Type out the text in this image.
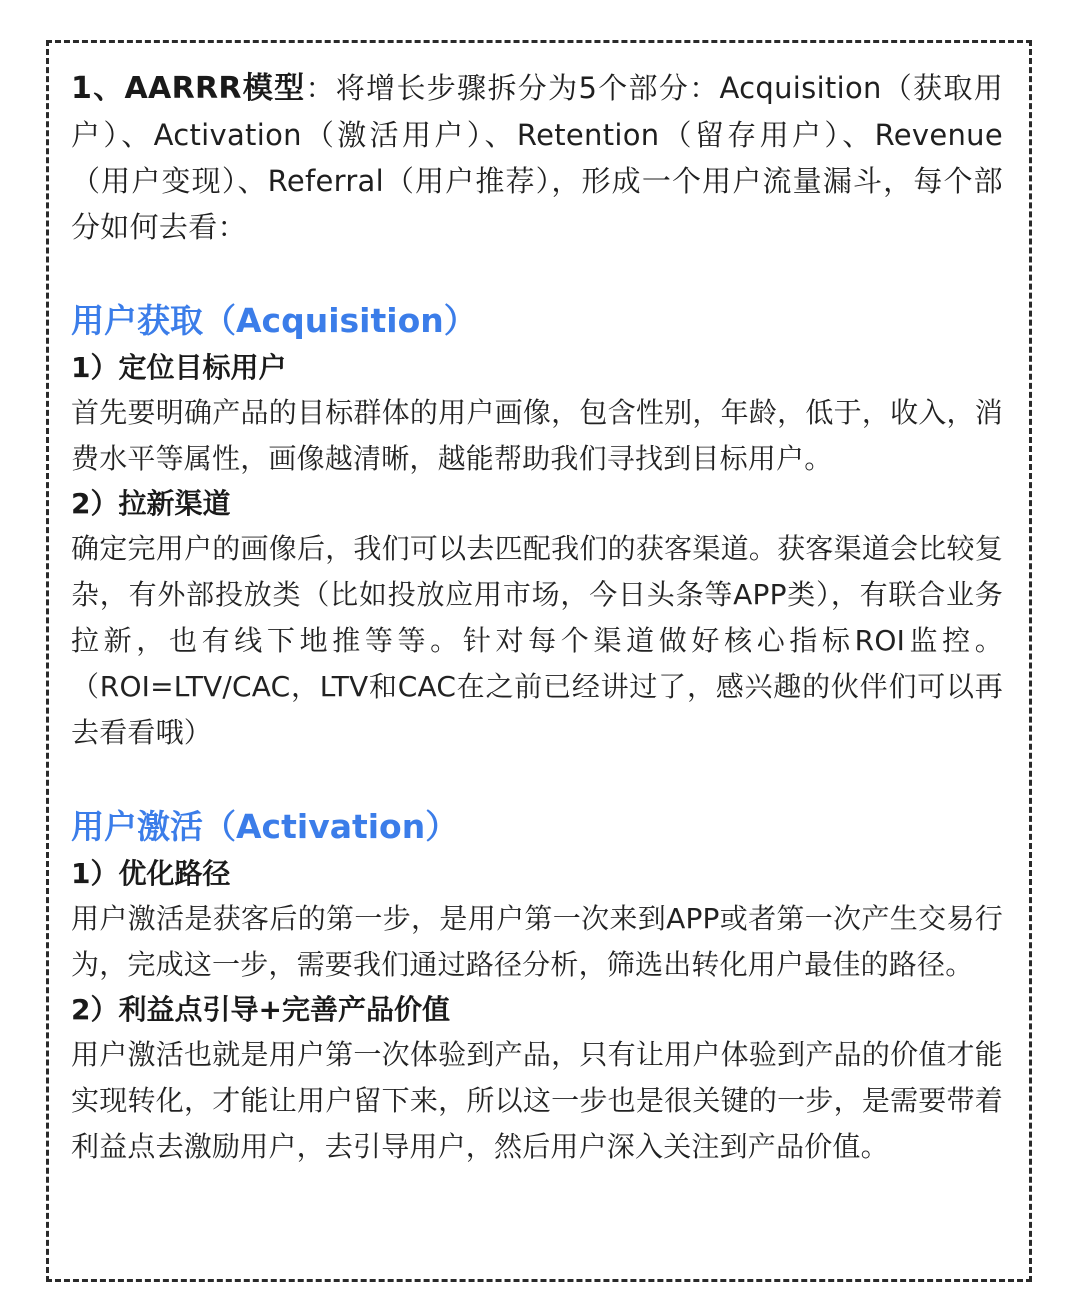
1、AARRR模型：将增长步骤拆分为5个部分：Acquisition（获取用户）、Activation（激活用户）、Retention（留存用户）、Revenue（用户变现）、Referral（用户推荐），形成一个用户流量漏斗，每个部分如何去看：

用户获取（Acquisition）
1）定位目标用户

首先要明确产品的目标群体的用户画像，包含性别，年龄，低于，收入，消费水平等属性，画像越清晰，越能帮助我们寻找到目标用户。

2）拉新渠道

确定完用户的画像后，我们可以去匹配我们的获客渠道。获客渠道会比较复杂，有外部投放类（比如投放应用市场，今日头条等APP类），有联合业务拉新，也有线下地推等等。针对每个渠道做好核心指标ROI监控。（ROI=LTV/CAC，LTV和CAC在之前已经讲过了，感兴趣的伙伴们可以再去看看哦）

用户激活（Activation）
1）优化路径

用户激活是获客后的第一步，是用户第一次来到APP或者第一次产生交易行为，完成这一步，需要我们通过路径分析，筛选出转化用户最佳的路径。

2）利益点引导+完善产品价值

用户激活也就是用户第一次体验到产品，只有让用户体验到产品的价值才能实现转化，才能让用户留下来，所以这一步也是很关键的一步，是需要带着利益点去激励用户，去引导用户，然后用户深入关注到产品价值。
